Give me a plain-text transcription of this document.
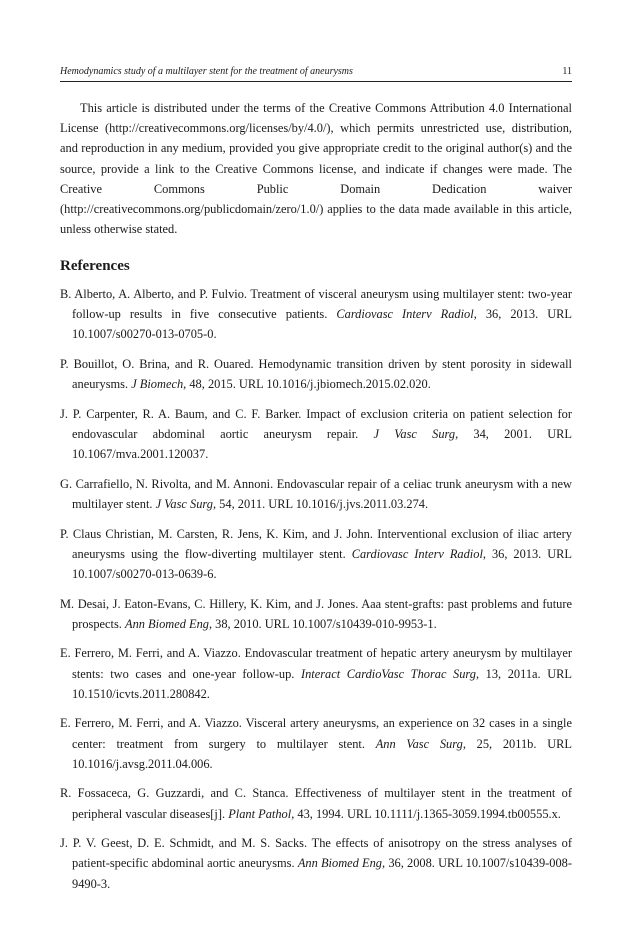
Hemodynamics study of a multilayer stent for the treatment of aneurysms	11

This article is distributed under the terms of the Creative Commons Attribution 4.0 International License (http://creativecommons.org/licenses/by/4.0/), which permits unrestricted use, distribution, and reproduction in any medium, provided you give appropriate credit to the original author(s) and the source, provide a link to the Creative Commons license, and indicate if changes were made. The Creative Commons Public Domain Dedication waiver (http://creativecommons.org/publicdomain/zero/1.0/) applies to the data made available in this article, unless otherwise stated.

References
B. Alberto, A. Alberto, and P. Fulvio. Treatment of visceral aneurysm using multilayer stent: two-year follow-up results in five consecutive patients. Cardiovasc Interv Radiol, 36, 2013. URL 10.1007/s00270-013-0705-0.
P. Bouillot, O. Brina, and R. Ouared. Hemodynamic transition driven by stent porosity in sidewall aneurysms. J Biomech, 48, 2015. URL 10.1016/j.jbiomech.2015.02.020.
J. P. Carpenter, R. A. Baum, and C. F. Barker. Impact of exclusion criteria on patient selection for endovascular abdominal aortic aneurysm repair. J Vasc Surg, 34, 2001. URL 10.1067/mva.2001.120037.
G. Carrafiello, N. Rivolta, and M. Annoni. Endovascular repair of a celiac trunk aneurysm with a new multilayer stent. J Vasc Surg, 54, 2011. URL 10.1016/j.jvs.2011.03.274.
P. Claus Christian, M. Carsten, R. Jens, K. Kim, and J. John. Interventional exclusion of iliac artery aneurysms using the flow-diverting multilayer stent. Cardiovasc Interv Radiol, 36, 2013. URL 10.1007/s00270-013-0639-6.
M. Desai, J. Eaton-Evans, C. Hillery, K. Kim, and J. Jones. Aaa stent-grafts: past problems and future prospects. Ann Biomed Eng, 38, 2010. URL 10.1007/s10439-010-9953-1.
E. Ferrero, M. Ferri, and A. Viazzo. Endovascular treatment of hepatic artery aneurysm by multilayer stents: two cases and one-year follow-up. Interact CardioVasc Thorac Surg, 13, 2011a. URL 10.1510/icvts.2011.280842.
E. Ferrero, M. Ferri, and A. Viazzo. Visceral artery aneurysms, an experience on 32 cases in a single center: treatment from surgery to multilayer stent. Ann Vasc Surg, 25, 2011b. URL 10.1016/j.avsg.2011.04.006.
R. Fossaceca, G. Guzzardi, and C. Stanca. Effectiveness of multilayer stent in the treatment of peripheral vascular diseases[j]. Plant Pathol, 43, 1994. URL 10.1111/j.1365-3059.1994.tb00555.x.
J. P. V. Geest, D. E. Schmidt, and M. S. Sacks. The effects of anisotropy on the stress analyses of patient-specific abdominal aortic aneurysms. Ann Biomed Eng, 36, 2008. URL 10.1007/s10439-008-9490-3.
